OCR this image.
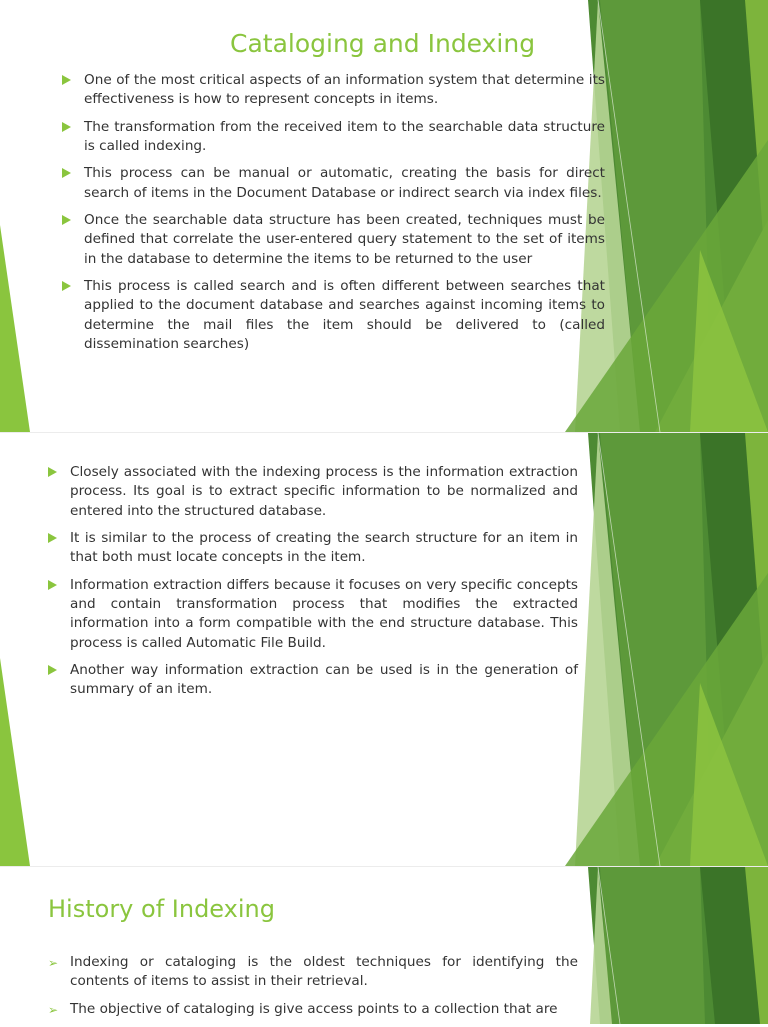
Cataloging and Indexing
One of the most critical aspects of an information system that determine its effectiveness is how to represent concepts in items.
The transformation from the received item to the searchable data structure is called indexing.
This process can be manual or automatic, creating the basis for direct search of items in the Document Database or indirect search via index files.
Once the searchable data structure has been created, techniques must be defined that correlate the user-entered query statement to the set of items in the database to determine the items to be returned to the user
This process is called search and is often different between searches that applied to the document database and searches against incoming items to determine the mail files the item should be delivered to (called dissemination searches)
Closely associated with the indexing process is the information extraction process. Its goal is to extract specific information to be normalized and entered into the structured database.
It is similar to the process of creating the search structure for an item in that both must locate concepts in the item.
Information extraction differs because it focuses on very specific concepts and contain transformation process that modifies the extracted information into a form compatible with the end structure database. This process is called Automatic File Build.
Another way information extraction can be used is in the generation of summary of an item.
History of Indexing
➢ Indexing or cataloging is the oldest techniques for identifying the contents of items to assist in their retrieval.
➢ The objective of cataloging is give access points to a collection that are
